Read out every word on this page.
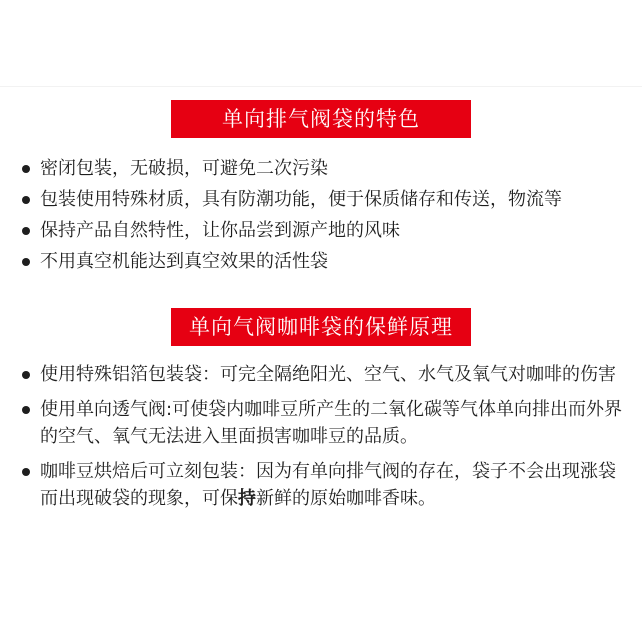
单向排气阀袋的特色
密闭包装，无破损，可避免二次污染
包装使用特殊材质，具有防潮功能，便于保质储存和传送，物流等
保持产品自然特性，让你品尝到源产地的风味
不用真空机能达到真空效果的活性袋
单向气阀咖啡袋的保鲜原理
使用特殊铝箔包装袋：可完全隔绝阳光、空气、水气及氧气对咖啡的伤害
使用单向透气阀:可使袋内咖啡豆所产生的二氧化碳等气体单向排出而外界的空气、氧气无法进入里面损害咖啡豆的品质。
咖啡豆烘焙后可立刻包装：因为有单向排气阀的存在，袋子不会出现涨袋而出现破袋的现象，可保持新鲜的原始咖啡香味。
